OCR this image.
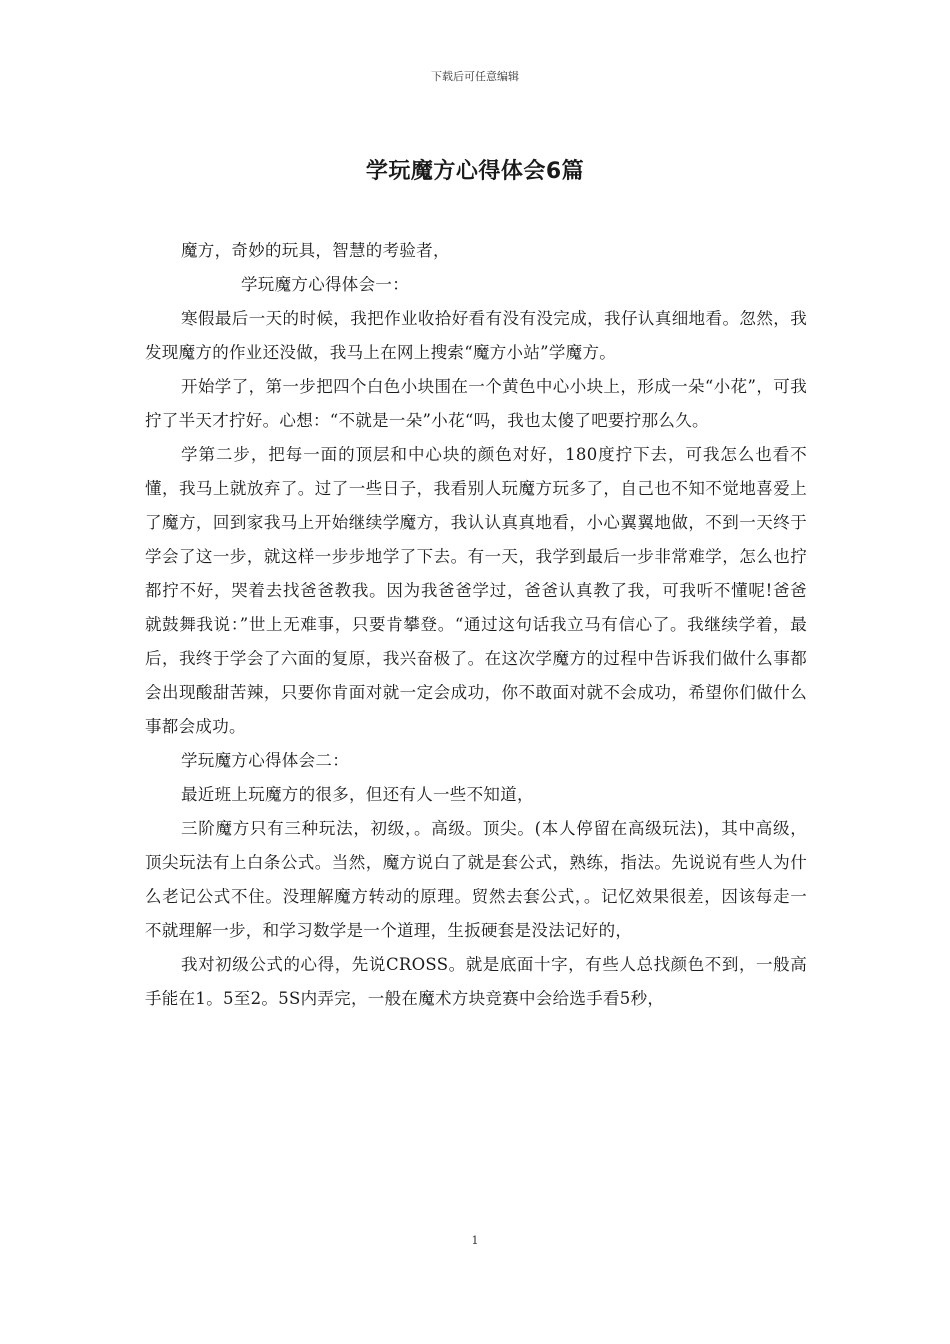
下载后可任意编辑
学玩魔方心得体会6篇

魔方，奇妙的玩具，智慧的考验者，

学玩魔方心得体会一：

寒假最后一天的时候，我把作业收拾好看有没有没完成，我仔认真细地看。忽然，我发现魔方的作业还没做，我马上在网上搜索“魔方小站”学魔方。

开始学了，第一步把四个白色小块围在一个黄色中心小块上，形成一朵“小花”，可我拧了半天才拧好。心想：“不就是一朵”小花“吗，我也太傻了吧要拧那么久。

学第二步，把每一面的顶层和中心块的颜色对好，180度拧下去，可我怎么也看不懂，我马上就放弃了。过了一些日子，我看别人玩魔方玩多了，自己也不知不觉地喜爱上了魔方，回到家我马上开始继续学魔方，我认认真真地看，小心翼翼地做，不到一天终于学会了这一步，就这样一步步地学了下去。有一天，我学到最后一步非常难学，怎么也拧都拧不好，哭着去找爸爸教我。因为我爸爸学过，爸爸认真教了我，可我听不懂呢!爸爸就鼓舞我说：”世上无难事，只要肯攀登。“通过这句话我立马有信心了。我继续学着，最后，我终于学会了六面的复原，我兴奋极了。在这次学魔方的过程中告诉我们做什么事都会出现酸甜苦辣，只要你肯面对就一定会成功，你不敢面对就不会成功，希望你们做什么事都会成功。

学玩魔方心得体会二：

最近班上玩魔方的很多，但还有人一些不知道，

三阶魔方只有三种玩法，初级，。高级。顶尖。(本人停留在高级玩法)，其中高级，顶尖玩法有上白条公式。当然，魔方说白了就是套公式，熟练，指法。先说说有些人为什么老记公式不住。没理解魔方转动的原理。贸然去套公式，。记忆效果很差，因该每走一不就理解一步，和学习数学是一个道理，生扳硬套是没法记好的，

我对初级公式的心得，先说CROSS。就是底面十字，有些人总找颜色不到，一般高手能在1。5至2。5S内弄完，一般在魔术方块竞赛中会给选手看5秒，

1
